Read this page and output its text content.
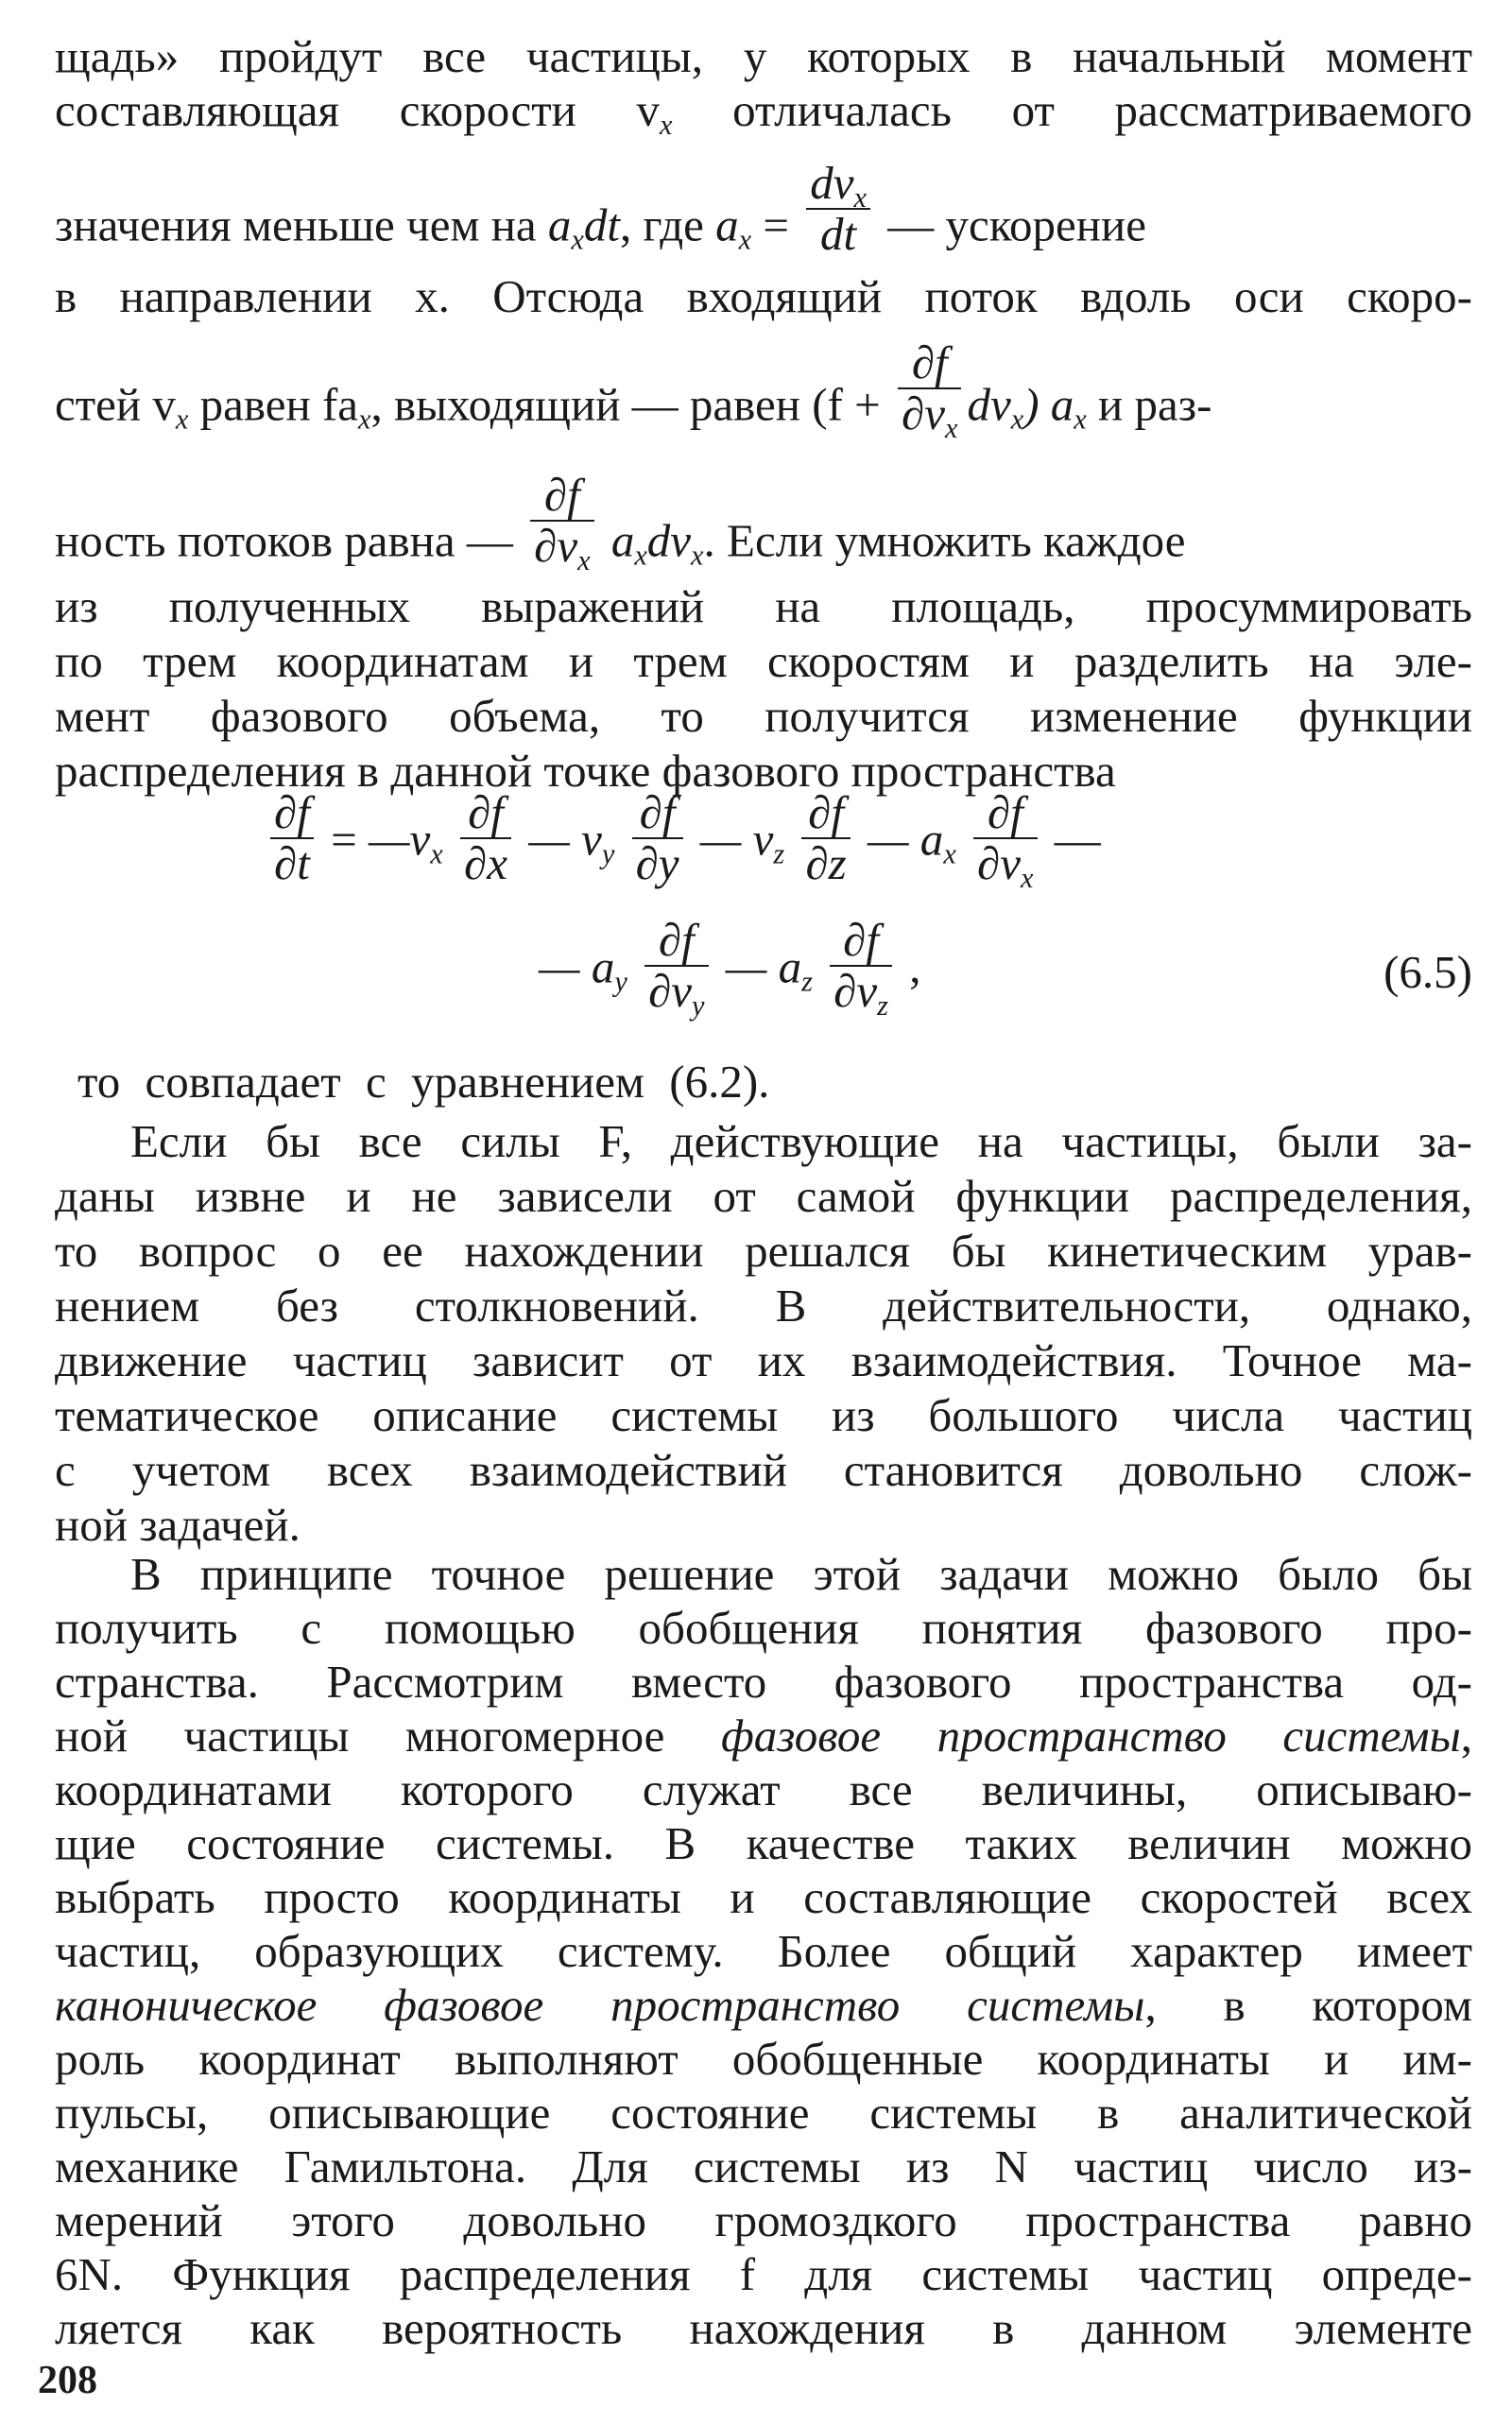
щадь» пройдут все частицы, у которых в начальный момент
составляющая скорости $v_x$ отличалась от рассматриваемого
значения меньше чем на $a_xdt$, где $a_x = \frac{dv_x}{dt}$ — ускорение
в направлении x. Отсюда входящий поток вдоль оси скоро-
стей $v_x$ равен $fa_x$, выходящий — равен $(f + \frac{\partial f}{\partial v_x} dv_x)$ $a_x$ и раз-
ность потоков равна — $\frac{\partial f}{\partial v_x} a_xdv_x$. Если умножить каждое
из полученных выражений на площадь, просуммировать
по трем координатам и трем скоростям и разделить на эле-
мент фазового объема, то получится изменение функции
распределения в данной точке фазового пространства
$\frac{\partial f}{\partial t}$ = $—v_x \frac{\partial f}{\partial x}$ — $v_y \frac{\partial f}{\partial y}$ — $v_z \frac{\partial f}{\partial z}$ — $a_x \frac{\partial f}{\partial v_x}$ —
— $a_y \frac{\partial f}{\partial v_y}$ — $a_z \frac{\partial f}{\partial v_z}$ ,	(6.5)
то совпадает с уравнением (6.2).
Если бы все силы F, действующие на частицы, были за-
даны извне и не зависели от самой функции распределения,
то вопрос о ее нахождении решался бы кинетическим урав-
нением без столкновений. В действительности, однако,
движение частиц зависит от их взаимодействия. Точное ма-
тематическое описание системы из большого числа частиц
с учетом всех взаимодействий становится довольно слож-
ной задачей.
В принципе точное решение этой задачи можно было бы
получить с помощью обобщения понятия фазового про-
странства. Рассмотрим вместо фазового пространства од-
ной частицы многомерное фазовое пространство системы,
координатами которого служат все величины, описываю-
щие состояние системы. В качестве таких величин можно
выбрать просто координаты и составляющие скоростей всех
частиц, образующих систему. Более общий характер имеет
каноническое фазовое пространство системы, в котором
роль координат выполняют обобщенные координаты и им-
пульсы, описывающие состояние системы в аналитической
механике Гамильтона. Для системы из N частиц число из-
мерений этого довольно громоздкого пространства равно
6N. Функция распределения f для системы частиц опреде-
ляется как вероятность нахождения в данном элементе
208
